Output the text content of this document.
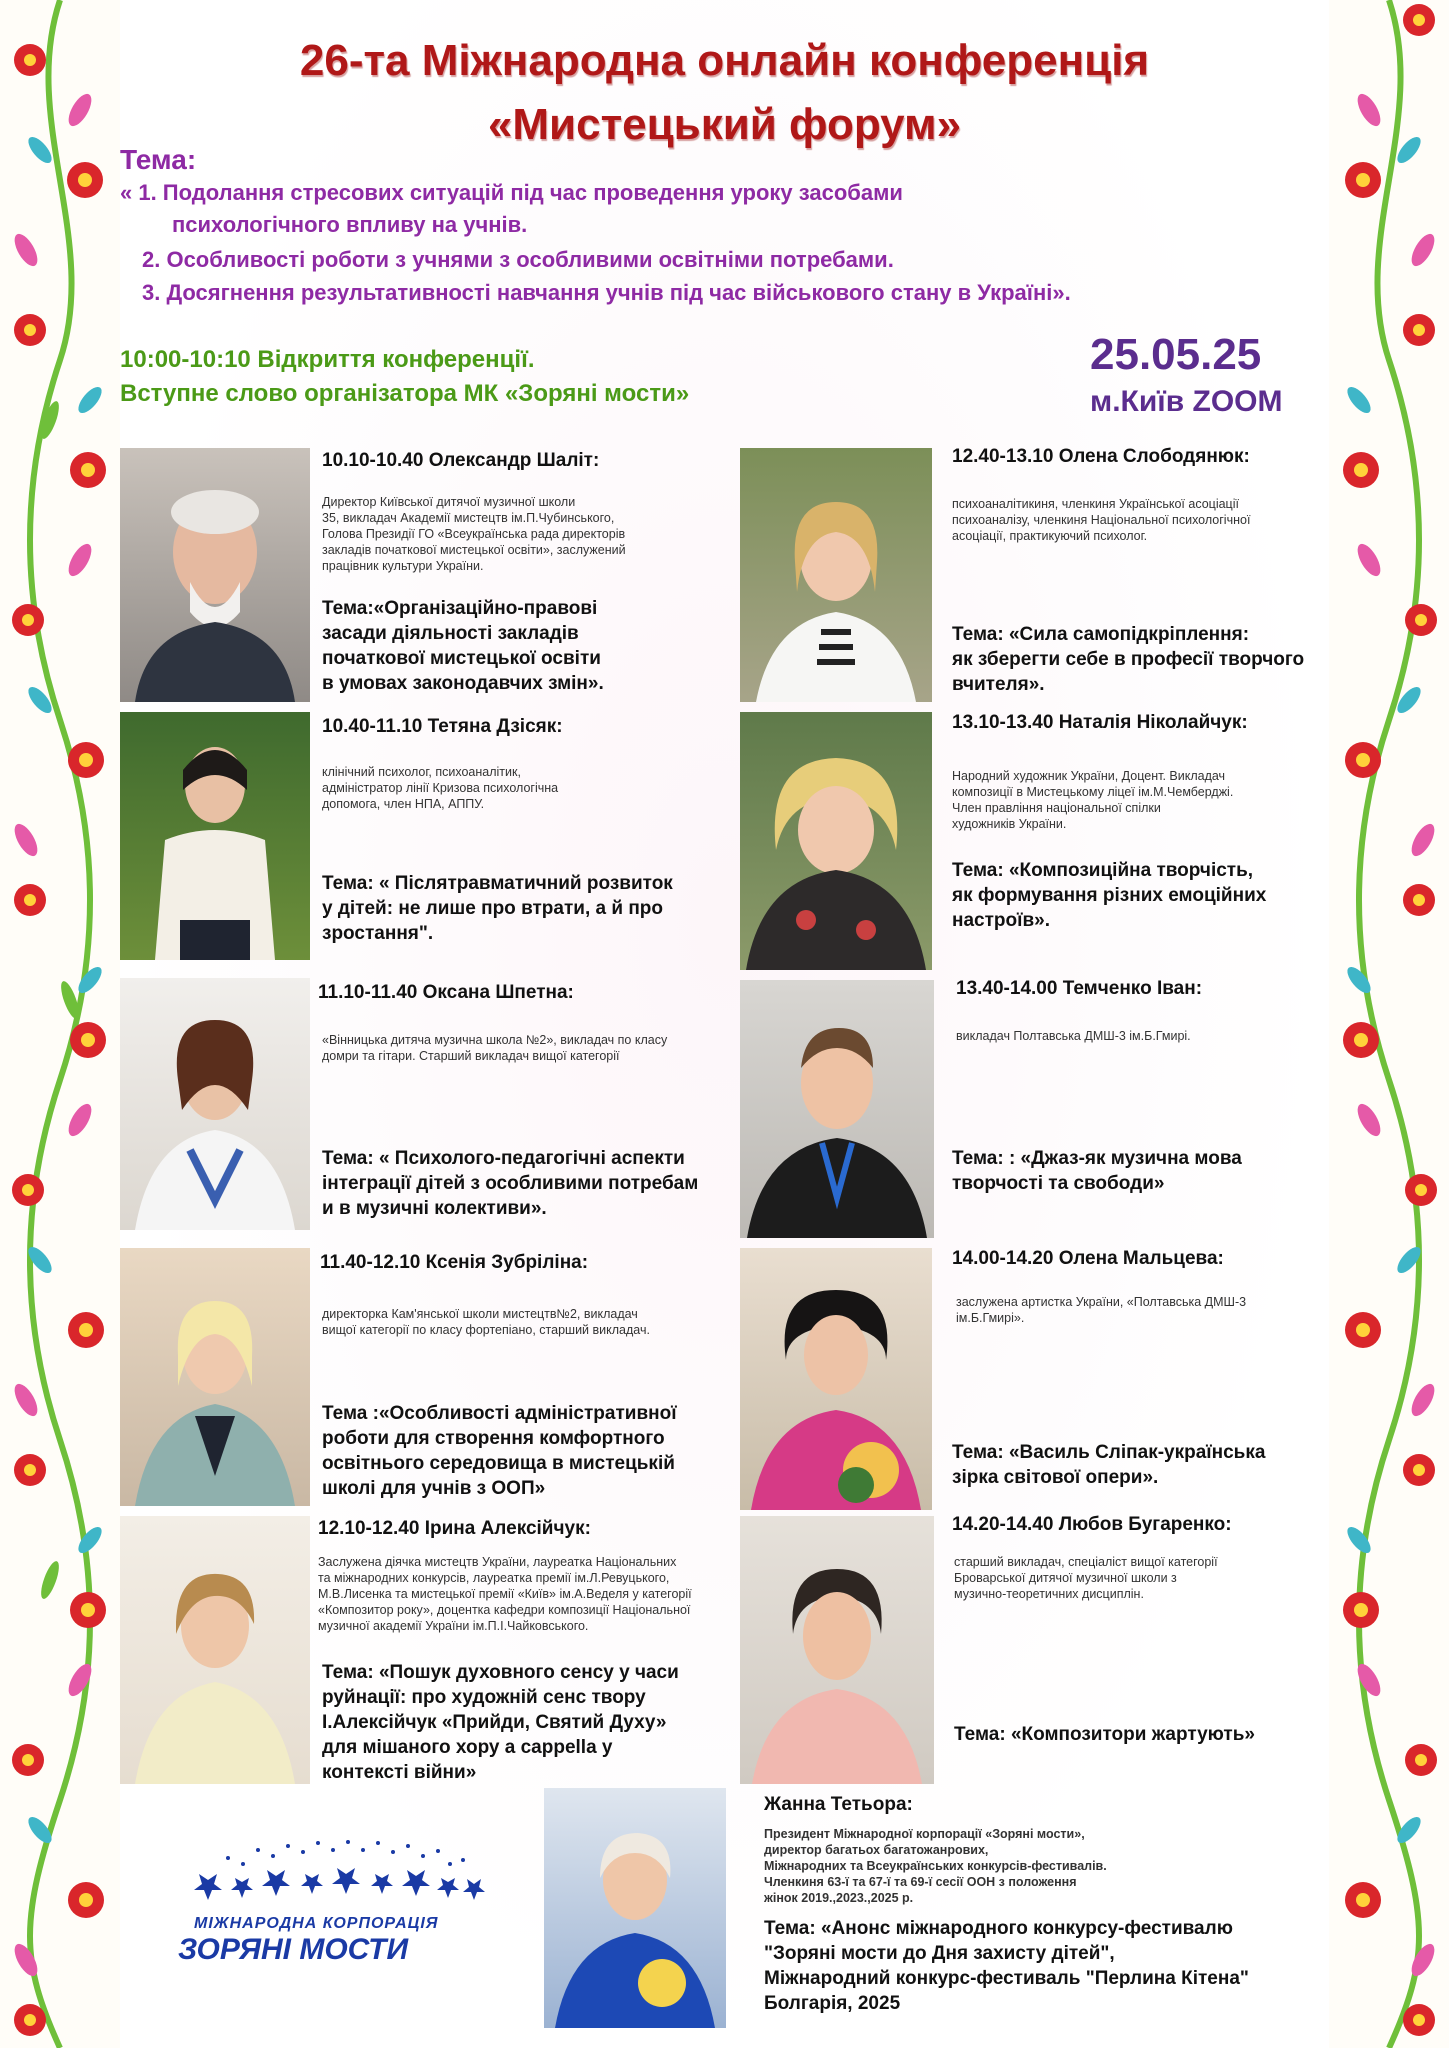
26-та Міжнародна онлайн конференція
«Мистецький форум»
Тема:
« 1. Подолання стресових ситуацій під час проведення уроку засобами
психологічного впливу на учнів.
2. Особливості роботи з учнями з особливими освітніми потребами.
3. Досягнення результативності навчання учнів під час військового стану в Україні».
10:00-10:10 Відкриття конференції.
Вступне слово організатора МК «Зоряні мости»
25.05.25
м.Київ ZOOM
10.10-10.40 Олександр Шаліт:
Директор Київської дитячої музичної школи
35, викладач Академії мистецтв ім.П.Чубинського,
Голова Президії ГО «Всеукраїнська рада директорів
закладів початкової мистецької освіти», заслужений
працівник культури України.
Тема:«Організаційно-правові
засади діяльності закладів
початкової мистецької освіти
в умовах законодавчих змін».
10.40-11.10 Тетяна Дзісяк:
клінічний психолог, психоаналітик,
адміністратор лінії Кризова психологічна
допомога, член НПА, АППУ.
Тема: « Післятравматичний розвиток
у дітей: не лише про втрати, а й про
зростання".
11.10-11.40 Оксана Шпетна:
«Вінницька дитяча музична школа №2», викладач по класу
домри та гітари. Старший викладач вищої категорії
Тема: « Психолого-педагогічні аспекти
інтеграції дітей з особливими потребам
и в музичні колективи».
11.40-12.10 Ксенія Зубріліна:
директорка Кам'янської школи мистецтв№2, викладач
вищої категорії по класу фортепіано, старший викладач.
Тема :«Особливості адміністративної
роботи для створення комфортного
освітнього середовища в мистецькій
школі для учнів з ООП»
12.10-12.40 Ірина Алексійчук:
Заслужена діячка мистецтв України, лауреатка Національних
та міжнародних конкурсів, лауреатка премії ім.Л.Ревуцького,
М.В.Лисенка та мистецької премії «Київ» ім.А.Веделя у категорії
«Композитор року», доцентка кафедри композиції Національної
музичної академії України ім.П.І.Чайковського.
Тема: «Пошук духовного сенсу у часи
руйнації: про художній сенс твору
І.Алексійчук «Прийди, Святий Духу»
для мішаного хору a cappella у
контексті війни»
12.40-13.10 Олена Слободянюк:
психоаналітикиня, членкиня Української асоціації
психоаналізу, членкиня Національної психологічної
асоціації, практикуючий психолог.
Тема: «Сила самопідкріплення:
як зберегти себе в професії творчого
вчителя».
13.10-13.40 Наталія Ніколайчук:
Народний художник України, Доцент. Викладач
композиції в Мистецькому ліцеї ім.М.Чемберджі.
Член правління національної спілки
художників України.
Тема: «Композиційна творчість,
як формування різних емоційних
настроїв».
13.40-14.00 Темченко Іван:
викладач Полтавська ДМШ-3 ім.Б.Гмирі.
Тема: : «Джаз-як музична мова
творчості та свободи»
14.00-14.20 Олена Мальцева:
заслужена артистка України, «Полтавська ДМШ-3
ім.Б.Гмирі».
Тема: «Василь Сліпак-українська
зірка світової опери».
14.20-14.40 Любов Бугаренко:
старший викладач, спеціаліст вищої категорії
Броварської дитячої музичної школи з
музично-теоретичних дисциплін.
Тема: «Композитори жартують»
Жанна Тетьора:
Президент Міжнародної корпорації «Зоряні мости»,
директор багатьох багатожанрових,
Міжнародних та Всеукраїнських конкурсів-фестивалів.
Членкиня 63-ї та 67-ї та 69-ї сесії ООН з положення
жінок 2019.,2023.,2025 р.
Тема: «Анонс міжнародного конкурсу-фестивалю
"Зоряні мости до Дня захисту дітей",
Міжнародний конкурс-фестиваль "Перлина Кітена"
Болгарія, 2025
МІЖНАРОДНА КОРПОРАЦІЯ
ЗОРЯНІ МОСТИ
